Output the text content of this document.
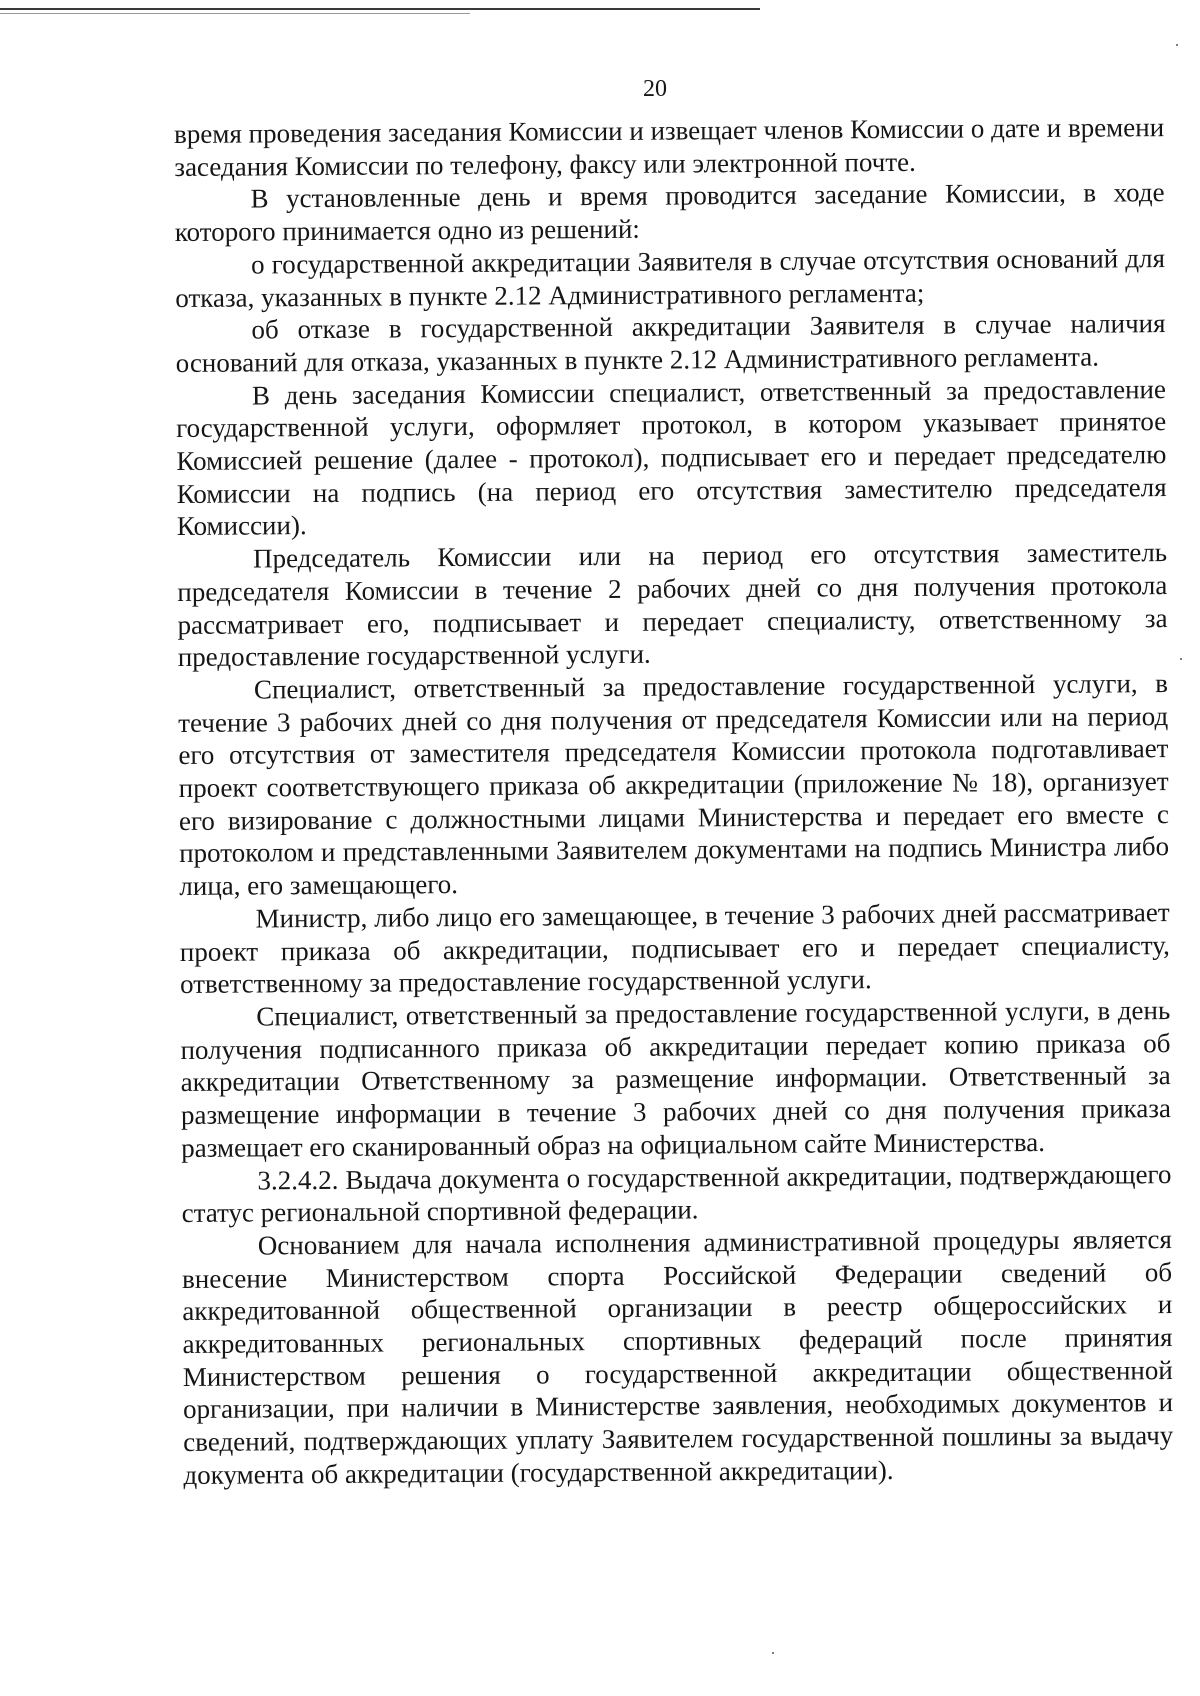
20

время проведения заседания Комиссии и извещает членов Комиссии о дате и времени заседания Комиссии по телефону, факсу или электронной почте.

В установленные день и время проводится заседание Комиссии, в ходе которого принимается одно из решений:

о государственной аккредитации Заявителя в случае отсутствия оснований для отказа, указанных в пункте 2.12 Административного регламента;

об отказе в государственной аккредитации Заявителя в случае наличия оснований для отказа, указанных в пункте 2.12 Административного регламента.

В день заседания Комиссии специалист, ответственный за предоставление государственной услуги, оформляет протокол, в котором указывает принятое Комиссией решение (далее - протокол), подписывает его и передает председателю Комиссии на подпись (на период его отсутствия заместителю председателя Комиссии).

Председатель Комиссии или на период его отсутствия заместитель председателя Комиссии в течение 2 рабочих дней со дня получения протокола рассматривает его, подписывает и передает специалисту, ответственному за предоставление государственной услуги.

Специалист, ответственный за предоставление государственной услуги, в течение 3 рабочих дней со дня получения от председателя Комиссии или на период его отсутствия от заместителя председателя Комиссии протокола подготавливает проект соответствующего приказа об аккредитации (приложение № 18), организует его визирование с должностными лицами Министерства и передает его вместе с протоколом и представленными Заявителем документами на подпись Министра либо лица, его замещающего.

Министр, либо лицо его замещающее, в течение 3 рабочих дней рассматривает проект приказа об аккредитации, подписывает его и передает специалисту, ответственному за предоставление государственной услуги.

Специалист, ответственный за предоставление государственной услуги, в день получения подписанного приказа об аккредитации передает копию приказа об аккредитации Ответственному за размещение информации. Ответственный за размещение информации в течение 3 рабочих дней со дня получения приказа размещает его сканированный образ на официальном сайте Министерства.

3.2.4.2. Выдача документа о государственной аккредитации, подтверждающего статус региональной спортивной федерации.

Основанием для начала исполнения административной процедуры является внесение Министерством спорта Российской Федерации сведений об аккредитованной общественной организации в реестр общероссийских и аккредитованных региональных спортивных федераций после принятия Министерством решения о государственной аккредитации общественной организации, при наличии в Министерстве заявления, необходимых документов и сведений, подтверждающих уплату Заявителем государственной пошлины за выдачу документа об аккредитации (государственной аккредитации).
